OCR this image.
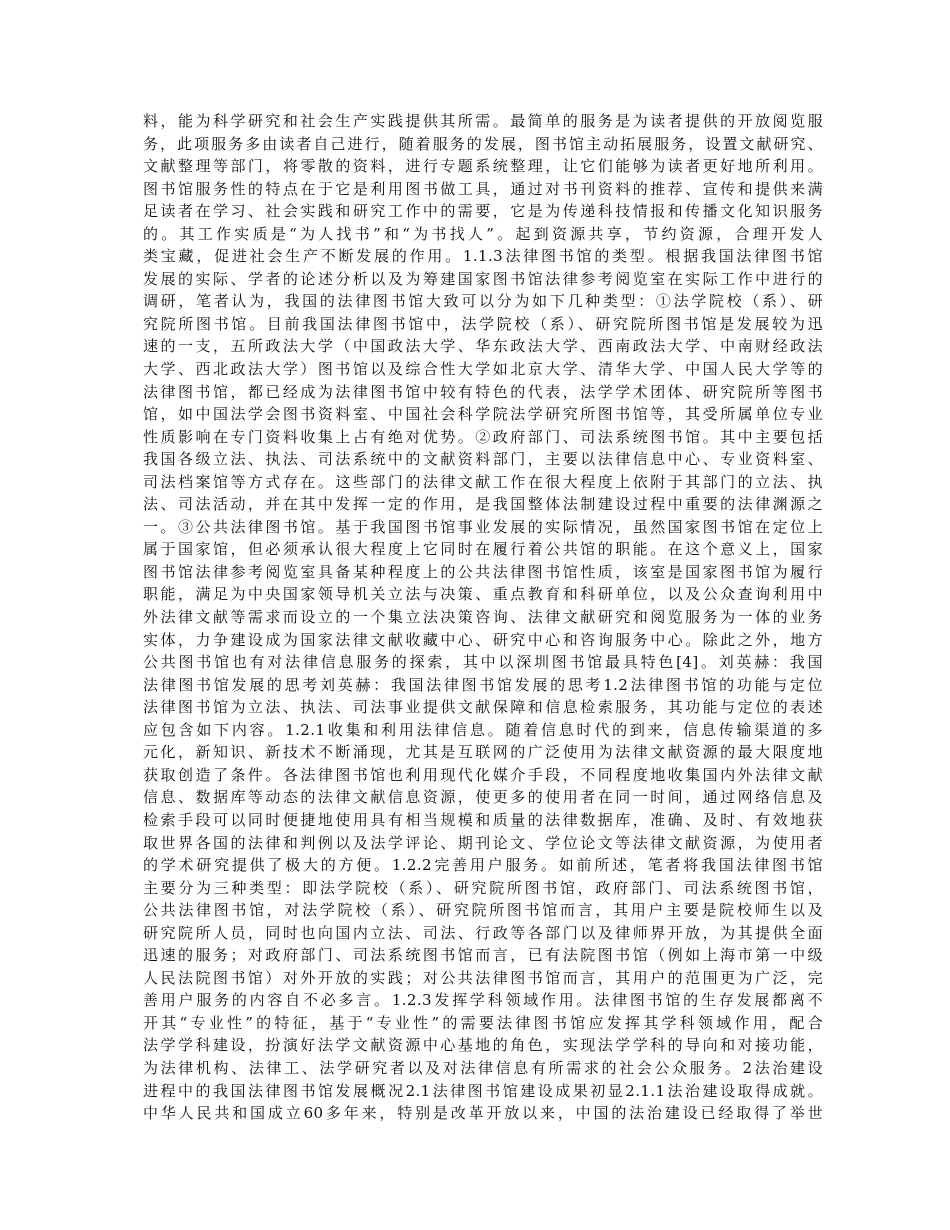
料，能为科学研究和社会生产实践提供其所需。最简单的服务是为读者提供的开放阅览服
务，此项服务多由读者自己进行，随着服务的发展，图书馆主动拓展服务，设置文献研究、
文献整理等部门，将零散的资料，进行专题系统整理，让它们能够为读者更好地所利用。
图书馆服务性的特点在于它是利用图书做工具，通过对书刊资料的推荐、宣传和提供来满
足读者在学习、社会实践和研究工作中的需要，它是为传递科技情报和传播文化知识服务
的。其工作实质是“为人找书”和“为书找人”。起到资源共享，节约资源，合理开发人
类宝藏，促进社会生产不断发展的作用。1.1.3法律图书馆的类型。根据我国法律图书馆
发展的实际、学者的论述分析以及为筹建国家图书馆法律参考阅览室在实际工作中进行的
调研，笔者认为，我国的法律图书馆大致可以分为如下几种类型：①法学院校（系）、研
究院所图书馆。目前我国法律图书馆中，法学院校（系）、研究院所图书馆是发展较为迅
速的一支，五所政法大学（中国政法大学、华东政法大学、西南政法大学、中南财经政法
大学、西北政法大学）图书馆以及综合性大学如北京大学、清华大学、中国人民大学等的
法律图书馆，都已经成为法律图书馆中较有特色的代表，法学学术团体、研究院所等图书
馆，如中国法学会图书资料室、中国社会科学院法学研究所图书馆等，其受所属单位专业
性质影响在专门资料收集上占有绝对优势。②政府部门、司法系统图书馆。其中主要包括
我国各级立法、执法、司法系统中的文献资料部门，主要以法律信息中心、专业资料室、
司法档案馆等方式存在。这些部门的法律文献工作在很大程度上依附于其部门的立法、执
法、司法活动，并在其中发挥一定的作用，是我国整体法制建设过程中重要的法律渊源之
一。③公共法律图书馆。基于我国图书馆事业发展的实际情况，虽然国家图书馆在定位上
属于国家馆，但必须承认很大程度上它同时在履行着公共馆的职能。在这个意义上，国家
图书馆法律参考阅览室具备某种程度上的公共法律图书馆性质，该室是国家图书馆为履行
职能，满足为中央国家领导机关立法与决策、重点教育和科研单位，以及公众查询利用中
外法律文献等需求而设立的一个集立法决策咨询、法律文献研究和阅览服务为一体的业务
实体，力争建设成为国家法律文献收藏中心、研究中心和咨询服务中心。除此之外，地方
公共图书馆也有对法律信息服务的探索，其中以深圳图书馆最具特色[4]。刘英赫：我国
法律图书馆发展的思考刘英赫：我国法律图书馆发展的思考1.2法律图书馆的功能与定位
法律图书馆为立法、执法、司法事业提供文献保障和信息检索服务，其功能与定位的表述
应包含如下内容。1.2.1收集和利用法律信息。随着信息时代的到来，信息传输渠道的多
元化，新知识、新技术不断涌现，尤其是互联网的广泛使用为法律文献资源的最大限度地
获取创造了条件。各法律图书馆也利用现代化媒介手段，不同程度地收集国内外法律文献
信息、数据库等动态的法律文献信息资源，使更多的使用者在同一时间，通过网络信息及
检索手段可以同时便捷地使用具有相当规模和质量的法律数据库，准确、及时、有效地获
取世界各国的法律和判例以及法学评论、期刊论文、学位论文等法律文献资源，为使用者
的学术研究提供了极大的方便。1.2.2完善用户服务。如前所述，笔者将我国法律图书馆
主要分为三种类型：即法学院校（系）、研究院所图书馆，政府部门、司法系统图书馆，
公共法律图书馆，对法学院校（系）、研究院所图书馆而言，其用户主要是院校师生以及
研究院所人员，同时也向国内立法、司法、行政等各部门以及律师界开放，为其提供全面
迅速的服务；对政府部门、司法系统图书馆而言，已有法院图书馆（例如上海市第一中级
人民法院图书馆）对外开放的实践；对公共法律图书馆而言，其用户的范围更为广泛，完
善用户服务的内容自不必多言。1.2.3发挥学科领域作用。法律图书馆的生存发展都离不
开其“专业性”的特征，基于“专业性”的需要法律图书馆应发挥其学科领域作用，配合
法学学科建设，扮演好法学文献资源中心基地的角色，实现法学学科的导向和对接功能，
为法律机构、法律工、法学研究者以及对法律信息有所需求的社会公众服务。2法治建设
进程中的我国法律图书馆发展概况2.1法律图书馆建设成果初显2.1.1法治建设取得成就。
中华人民共和国成立60多年来，特别是改革开放以来，中国的法治建设已经取得了举世
